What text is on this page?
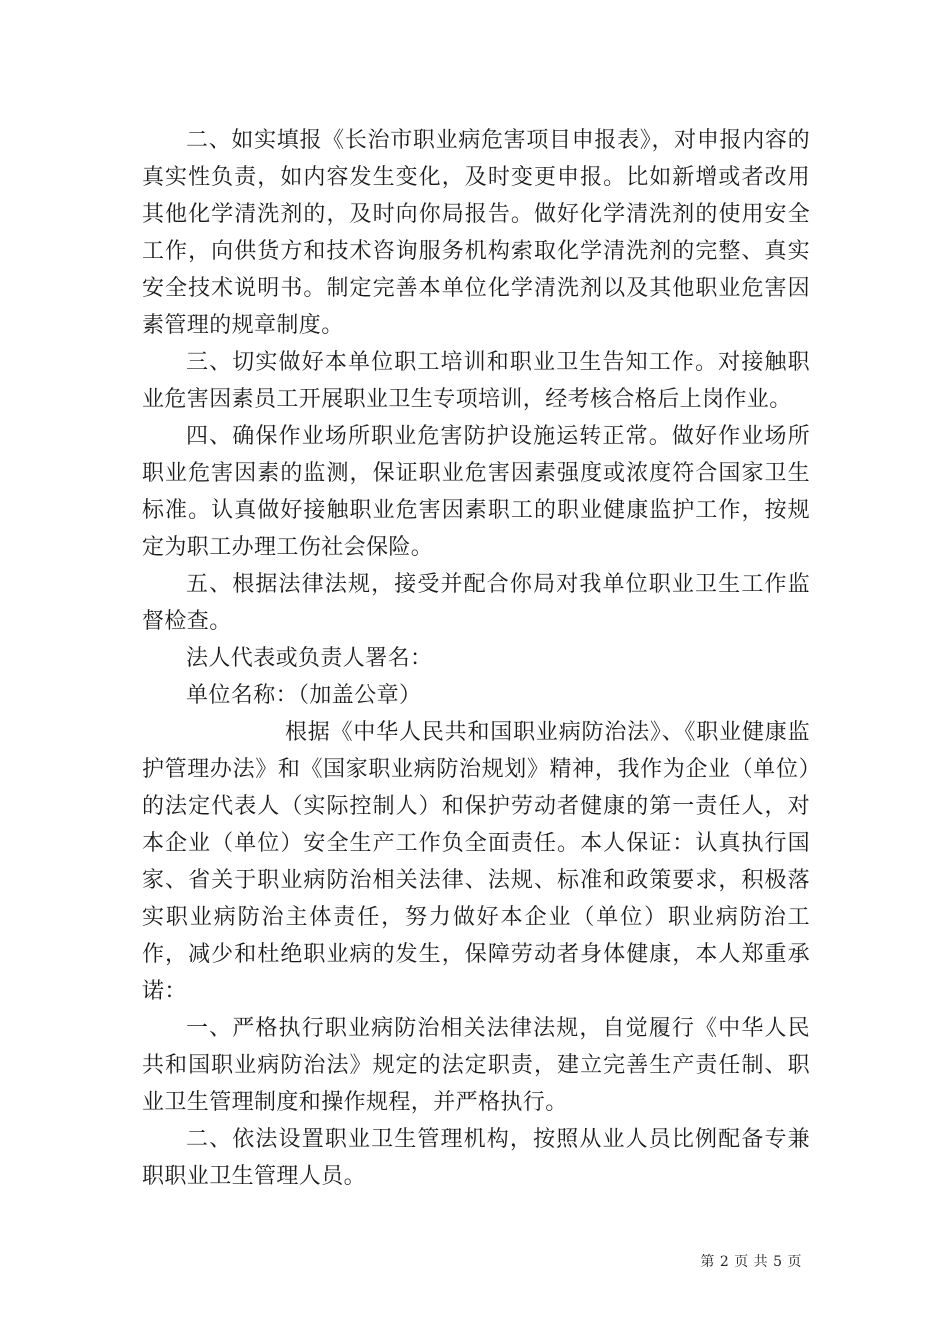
二、如实填报《长治市职业病危害项目申报表》，对申报内容的真实性负责，如内容发生变化，及时变更申报。比如新增或者改用其他化学清洗剂的，及时向你局报告。做好化学清洗剂的使用安全工作，向供货方和技术咨询服务机构索取化学清洗剂的完整、真实安全技术说明书。制定完善本单位化学清洗剂以及其他职业危害因素管理的规章制度。

三、切实做好本单位职工培训和职业卫生告知工作。对接触职业危害因素员工开展职业卫生专项培训，经考核合格后上岗作业。

四、确保作业场所职业危害防护设施运转正常。做好作业场所职业危害因素的监测，保证职业危害因素强度或浓度符合国家卫生标准。认真做好接触职业危害因素职工的职业健康监护工作，按规定为职工办理工伤社会保险。

五、根据法律法规，接受并配合你局对我单位职业卫生工作监督检查。

法人代表或负责人署名：

单位名称：（加盖公章）

根据《中华人民共和国职业病防治法》、《职业健康监护管理办法》和《国家职业病防治规划》精神，我作为企业（单位）的法定代表人（实际控制人）和保护劳动者健康的第一责任人，对本企业（单位）安全生产工作负全面责任。本人保证：认真执行国家、省关于职业病防治相关法律、法规、标准和政策要求，积极落实职业病防治主体责任，努力做好本企业（单位）职业病防治工作，减少和杜绝职业病的发生，保障劳动者身体健康，本人郑重承诺：

一、严格执行职业病防治相关法律法规，自觉履行《中华人民共和国职业病防治法》规定的法定职责，建立完善生产责任制、职业卫生管理制度和操作规程，并严格执行。

二、依法设置职业卫生管理机构，按照从业人员比例配备专兼职职业卫生管理人员。

第 2 页 共 5 页
